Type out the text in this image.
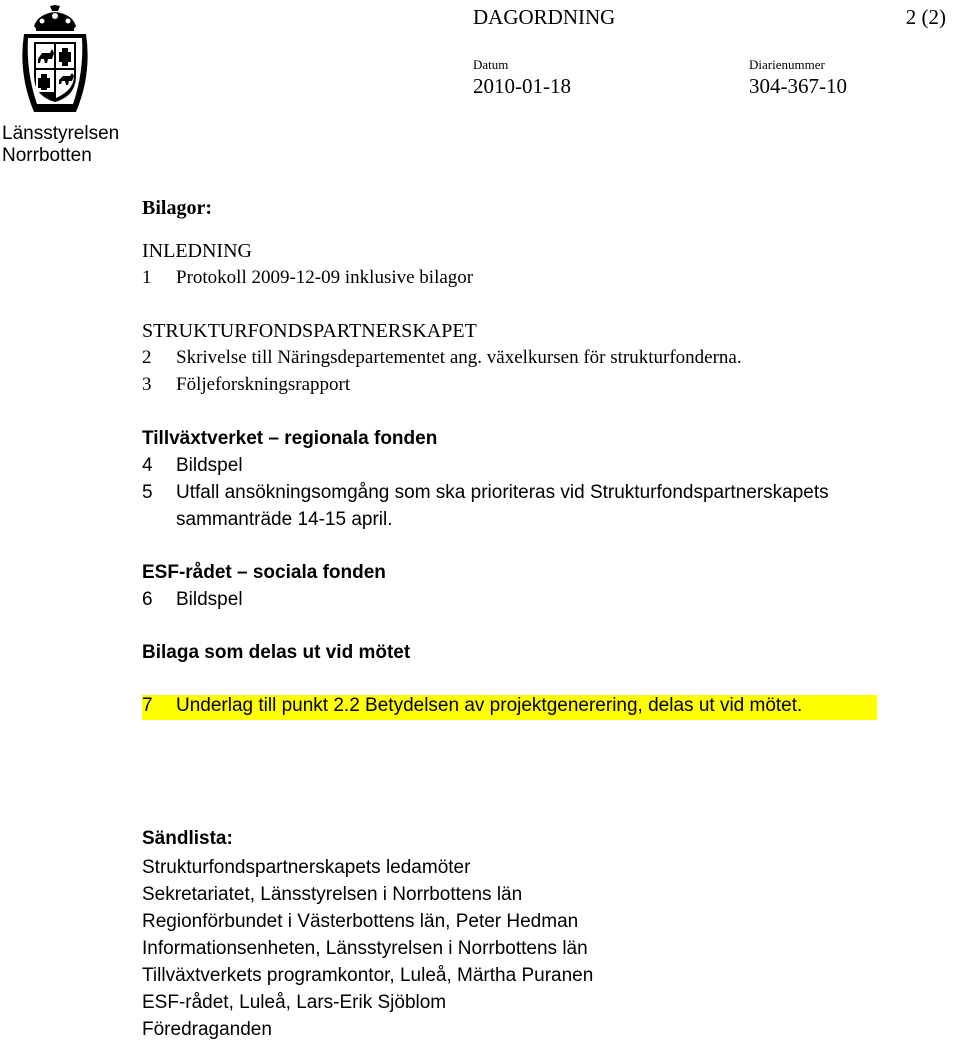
Länsstyrelsen
Norrbotten
DAGORDNING	2 (2)
Datum
2010-01-18
Diarienummer
304-367-10
Bilagor:
INLEDNING
1 Protokoll 2009-12-09 inklusive bilagor
STRUKTURFONDSPARTNERSKAPET
2 Skrivelse till Näringsdepartementet ang. växelkursen för strukturfonderna.
3 Följeforskningsrapport
Tillväxtverket – regionala fonden
4 Bildspel
5 Utfall ansökningsomgång som ska prioriteras vid Strukturfondspartnerskapets
sammanträde 14-15 april.
ESF-rådet – sociala fonden
6 Bildspel
Bilaga som delas ut vid mötet
7 Underlag till punkt 2.2 Betydelsen av projektgenerering, delas ut vid mötet.
Sändlista:
Strukturfondspartnerskapets ledamöter
Sekretariatet, Länsstyrelsen i Norrbottens län
Regionförbundet i Västerbottens län, Peter Hedman
Informationsenheten, Länsstyrelsen i Norrbottens län
Tillväxtverkets programkontor, Luleå, Märtha Puranen
ESF-rådet, Luleå, Lars-Erik Sjöblom
Föredraganden
